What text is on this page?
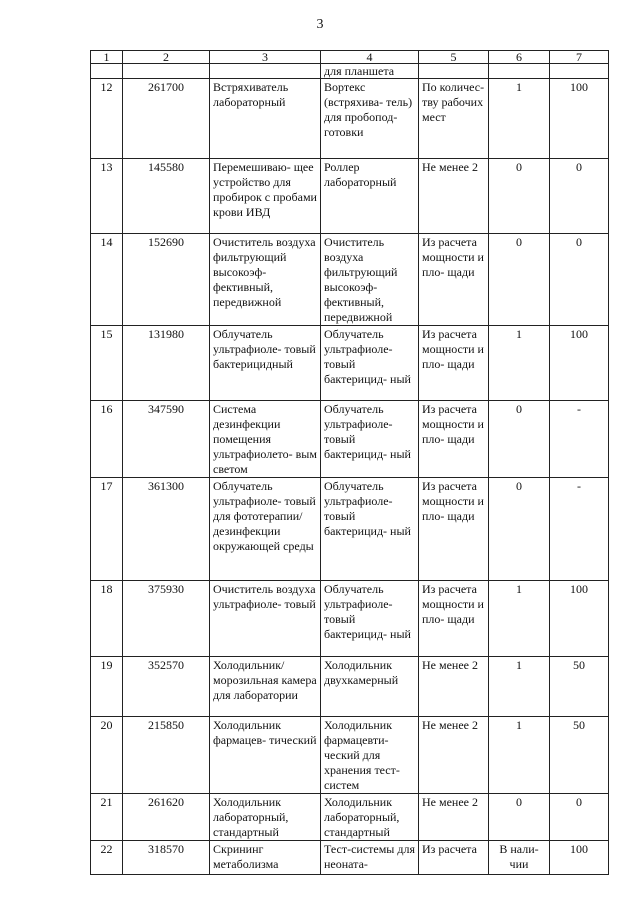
3
1	2	3	4	5	6	7
			для планшета			
12	261700	Встряхиватель лабораторный	Вортекс (встряхива- тель) для пробопод- готовки	По количес- тву рабочих мест	1	100
13	145580	Перемешиваю- щее устройство для пробирок с пробами крови ИВД	Роллер лабораторный	Не менее 2	0	0
14	152690	Очиститель воздуха фильтрующий высокоэф- фективный, передвижной	Очиститель воздуха фильтрующий высокоэф- фективный, передвижной	Из расчета мощности и пло- щади	0	0
15	131980	Облучатель ультрафиоле- товый бактерицидный	Облучатель ультрафиоле- товый бактерицид- ный	Из расчета мощности и пло- щади	1	100
16	347590	Система дезинфекции помещения ультрафиолето- вым светом	Облучатель ультрафиоле- товый бактерицид- ный	Из расчета мощности и пло- щади	0	-
17	361300	Облучатель ультрафиоле- товый для фототерапии/ дезинфекции окружающей среды	Облучатель ультрафиоле- товый бактерицид- ный	Из расчета мощности и пло- щади	0	-
18	375930	Очиститель воздуха ультрафиоле- товый	Облучатель ультрафиоле- товый бактерицид- ный	Из расчета мощности и пло- щади	1	100
19	352570	Холодильник/ морозильная камера для лаборатории	Холодильник двухкамерный	Не менее 2	1	50
20	215850	Холодильник фармацев- тический	Холодильник фармацевти- ческий для хранения тест-систем	Не менее 2	1	50
21	261620	Холодильник лабораторный, стандартный	Холодильник лабораторный, стандартный	Не менее 2	0	0
22	318570	Скрининг метаболизма	Тест-системы для неоната-	Из расчета	В нали- чии	100
